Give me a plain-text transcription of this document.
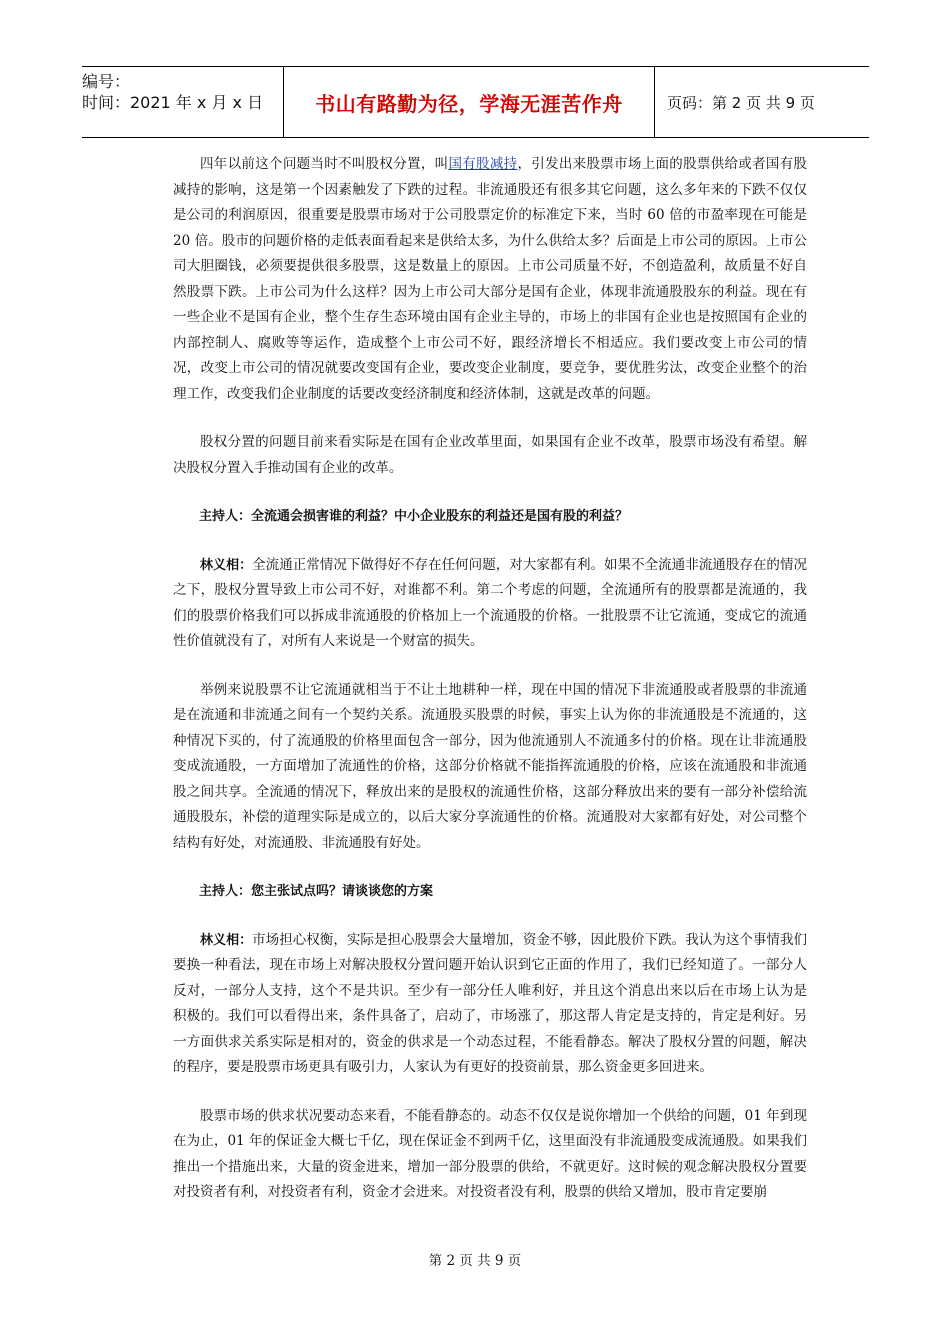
编号：
时间：2021 年 x 月 x 日	书山有路勤为径，学海无涯苦作舟	页码：第 2 页 共 9 页

四年以前这个问题当时不叫股权分置，叫国有股减持，引发出来股票市场上面的股票供给或者国有股减持的影响，这是第一个因素触发了下跌的过程。非流通股还有很多其它问题，这么多年来的下跌不仅仅是公司的利润原因，很重要是股票市场对于公司股票定价的标准定下来，当时 60 倍的市盈率现在可能是 20 倍。股市的问题价格的走低表面看起来是供给太多，为什么供给太多？后面是上市公司的原因。上市公司大胆圈钱，必须要提供很多股票，这是数量上的原因。上市公司质量不好，不创造盈利，故质量不好自然股票下跌。上市公司为什么这样？因为上市公司大部分是国有企业，体现非流通股股东的利益。现在有一些企业不是国有企业，整个生存生态环境由国有企业主导的，市场上的非国有企业也是按照国有企业的内部控制人、腐败等等运作，造成整个上市公司不好，跟经济增长不相适应。我们要改变上市公司的情况，改变上市公司的情况就要改变国有企业，要改变企业制度，要竞争，要优胜劣汰，改变企业整个的治理工作，改变我们企业制度的话要改变经济制度和经济体制，这就是改革的问题。

股权分置的问题目前来看实际是在国有企业改革里面，如果国有企业不改革，股票市场没有希望。解决股权分置入手推动国有企业的改革。

主持人：全流通会损害谁的利益？中小企业股东的利益还是国有股的利益？

林义相：全流通正常情况下做得好不存在任何问题，对大家都有利。如果不全流通非流通股存在的情况之下，股权分置导致上市公司不好，对谁都不利。第二个考虑的问题，全流通所有的股票都是流通的，我们的股票价格我们可以拆成非流通股的价格加上一个流通股的价格。一批股票不让它流通，变成它的流通性价值就没有了，对所有人来说是一个财富的损失。

举例来说股票不让它流通就相当于不让土地耕种一样，现在中国的情况下非流通股或者股票的非流通是在流通和非流通之间有一个契约关系。流通股买股票的时候，事实上认为你的非流通股是不流通的，这种情况下买的，付了流通股的价格里面包含一部分，因为他流通别人不流通多付的价格。现在让非流通股变成流通股，一方面增加了流通性的价格，这部分价格就不能指挥流通股的价格，应该在流通股和非流通股之间共享。全流通的情况下，释放出来的是股权的流通性价格，这部分释放出来的要有一部分补偿给流通股股东，补偿的道理实际是成立的，以后大家分享流通性的价格。流通股对大家都有好处，对公司整个结构有好处，对流通股、非流通股有好处。

主持人：您主张试点吗？请谈谈您的方案

林义相：市场担心权衡，实际是担心股票会大量增加，资金不够，因此股价下跌。我认为这个事情我们要换一种看法，现在市场上对解决股权分置问题开始认识到它正面的作用了，我们已经知道了。一部分人反对，一部分人支持，这个不是共识。至少有一部分任人唯利好，并且这个消息出来以后在市场上认为是积极的。我们可以看得出来，条件具备了，启动了，市场涨了，那这帮人肯定是支持的，肯定是利好。另一方面供求关系实际是相对的，资金的供求是一个动态过程，不能看静态。解决了股权分置的问题，解决的程序，要是股票市场更具有吸引力，人家认为有更好的投资前景，那么资金更多回进来。

股票市场的供求状况要动态来看，不能看静态的。动态不仅仅是说你增加一个供给的问题，01 年到现在为止，01 年的保证金大概七千亿，现在保证金不到两千亿，这里面没有非流通股变成流通股。如果我们推出一个措施出来，大量的资金进来，增加一部分股票的供给，不就更好。这时候的观念解决股权分置要对投资者有利，对投资者有利，资金才会进来。对投资者没有利，股票的供给又增加，股市肯定要崩

第 2 页 共 9 页
